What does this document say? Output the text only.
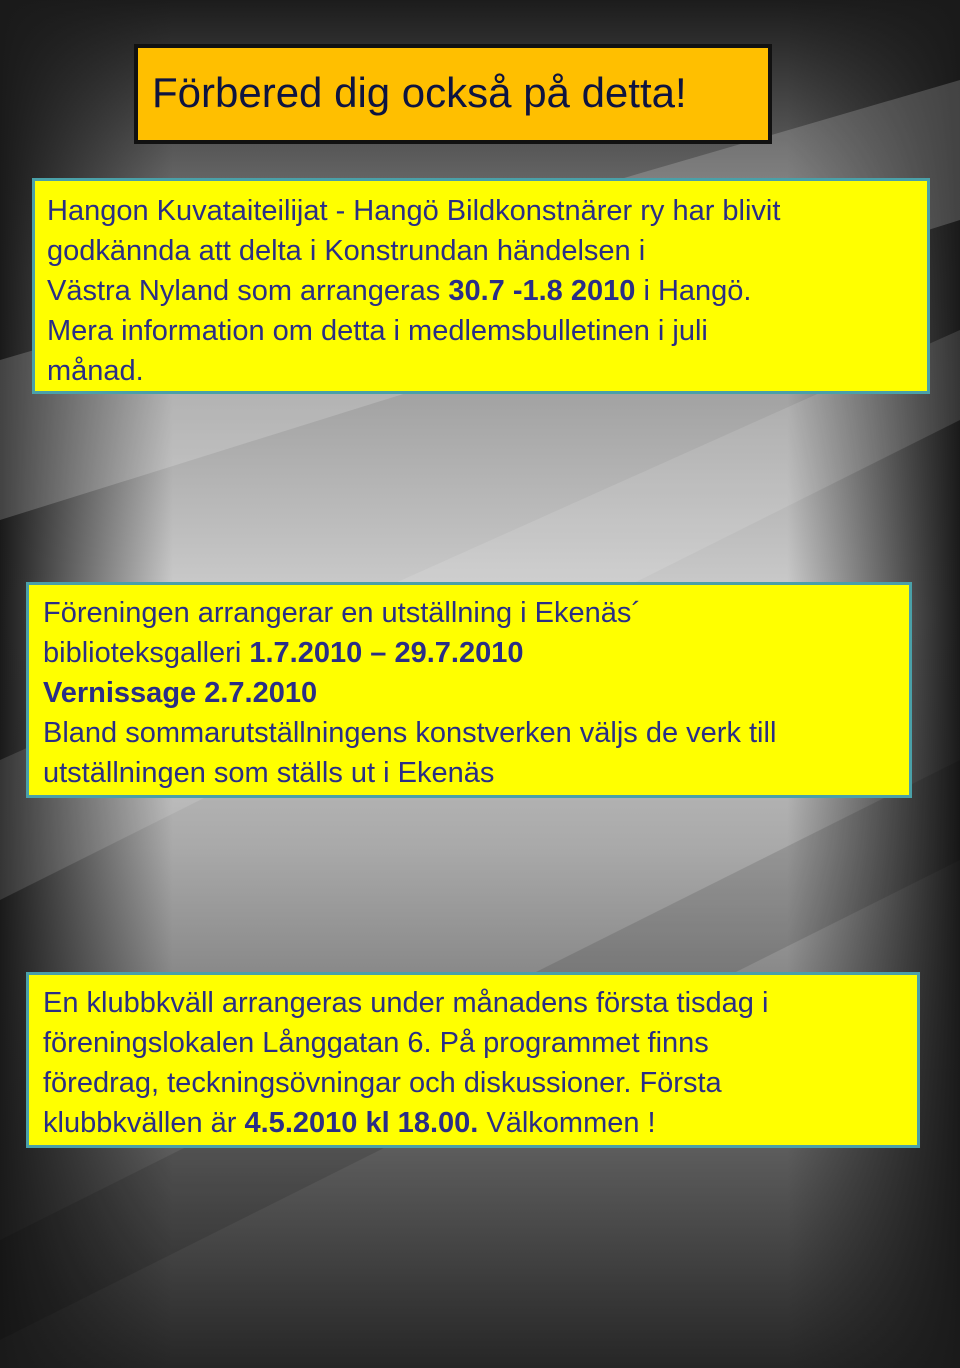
Förbered dig också på detta!
Hangon Kuvataiteilijat - Hangö Bildkonstnärer ry har blivit
godkännda att delta i Konstrundan händelsen i
Västra Nyland som arrangeras 30.7 -1.8 2010 i Hangö.
Mera information om detta i medlemsbulletinen i juli
månad.
Föreningen arrangerar en utställning i Ekenäs´
biblioteksgalleri 1.7.2010 – 29.7.2010
Vernissage 2.7.2010
Bland sommarutställningens konstverken väljs de verk till
utställningen som ställs ut i Ekenäs
En klubbkväll arrangeras under månadens första tisdag i
föreningslokalen Långgatan 6. På programmet finns
föredrag, teckningsövningar och diskussioner. Första
klubbkvällen är 4.5.2010 kl 18.00. Välkommen !
